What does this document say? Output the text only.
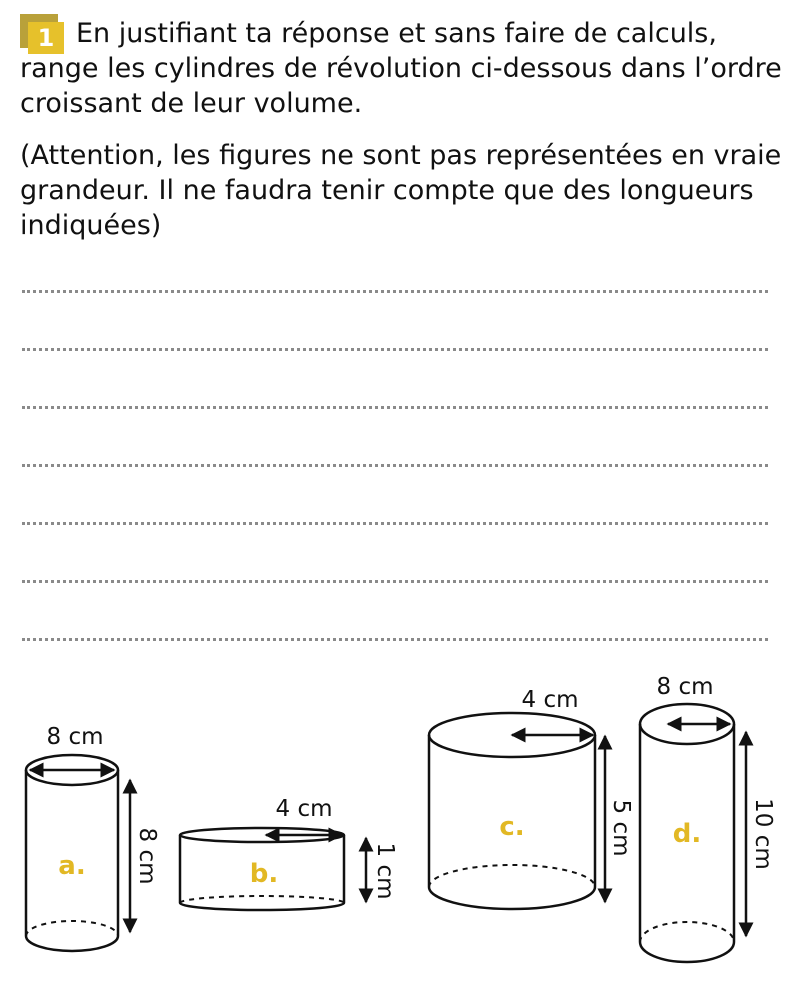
1 En justifiant ta réponse et sans faire de calculs, range les cylindres de révolution ci-dessous dans l’ordre croissant de leur volume.

(Attention, les figures ne sont pas représentées en vraie grandeur. Il ne faudra tenir compte que des longueurs indiquées)

8 cm
8 cm
a.
4 cm
1 cm
b.
4 cm
5 cm
c.
8 cm
10 cm
d.
